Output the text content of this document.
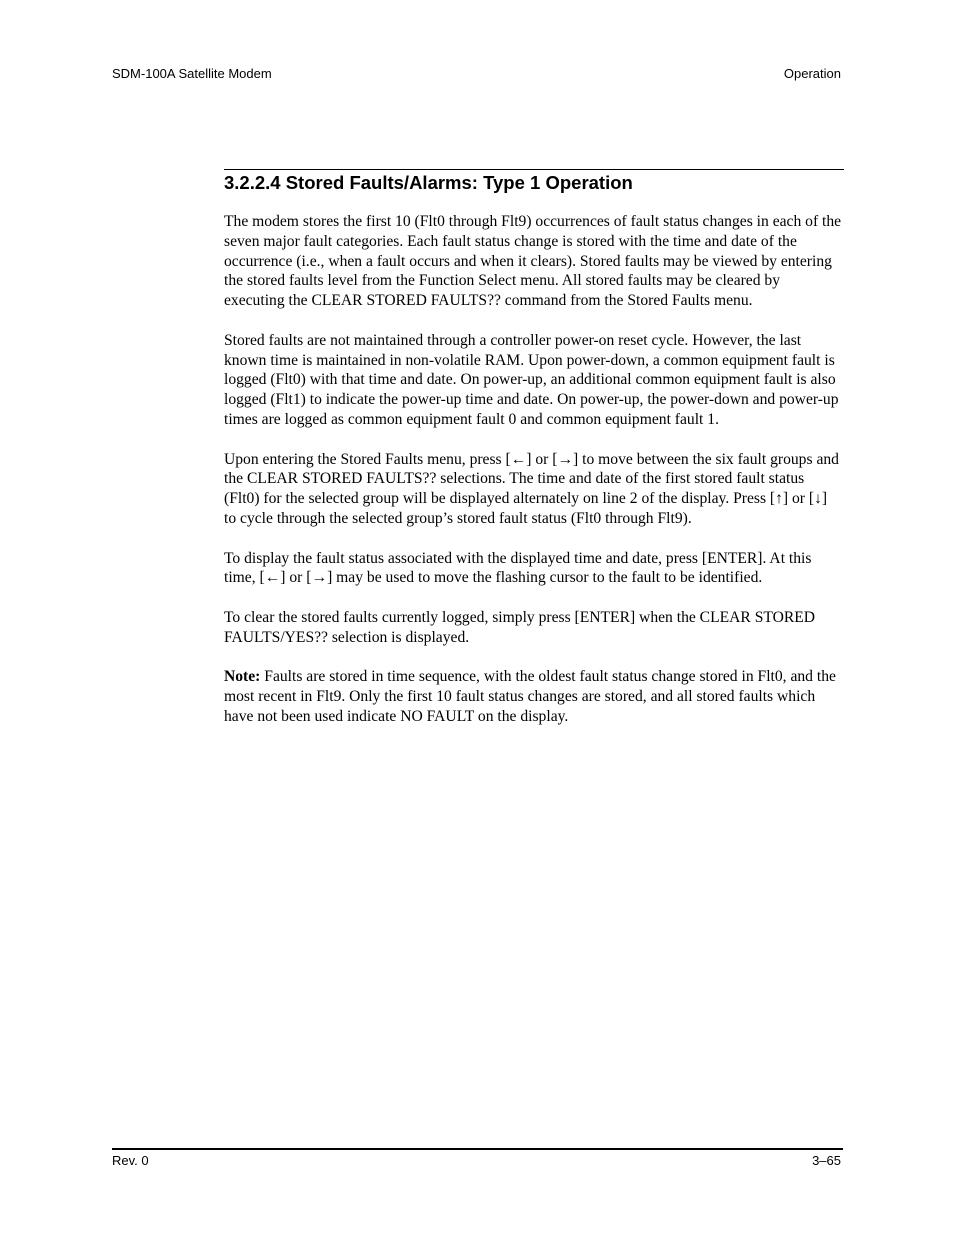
SDM-100A Satellite Modem	Operation
3.2.2.4 Stored Faults/Alarms: Type 1 Operation

The modem stores the first 10 (Flt0 through Flt9) occurrences of fault status changes in each of the seven major fault categories. Each fault status change is stored with the time and date of the occurrence (i.e., when a fault occurs and when it clears). Stored faults may be viewed by entering the stored faults level from the Function Select menu. All stored faults may be cleared by executing the CLEAR STORED FAULTS?? command from the Stored Faults menu.

Stored faults are not maintained through a controller power-on reset cycle. However, the last known time is maintained in non-volatile RAM. Upon power-down, a common equipment fault is logged (Flt0) with that time and date. On power-up, an additional common equipment fault is also logged (Flt1) to indicate the power-up time and date. On power-up, the power-down and power-up times are logged as common equipment fault 0 and common equipment fault 1.

Upon entering the Stored Faults menu, press [←] or [→] to move between the six fault groups and the CLEAR STORED FAULTS?? selections. The time and date of the first stored fault status (Flt0) for the selected group will be displayed alternately on line 2 of the display. Press [↑] or [↓] to cycle through the selected group’s stored fault status (Flt0 through Flt9).

To display the fault status associated with the displayed time and date, press [ENTER]. At this time, [←] or [→] may be used to move the flashing cursor to the fault to be identified.

To clear the stored faults currently logged, simply press [ENTER] when the CLEAR STORED FAULTS/YES?? selection is displayed.

Note: Faults are stored in time sequence, with the oldest fault status change stored in Flt0, and the most recent in Flt9. Only the first 10 fault status changes are stored, and all stored faults which have not been used indicate NO FAULT on the display.

Rev. 0	3–65
